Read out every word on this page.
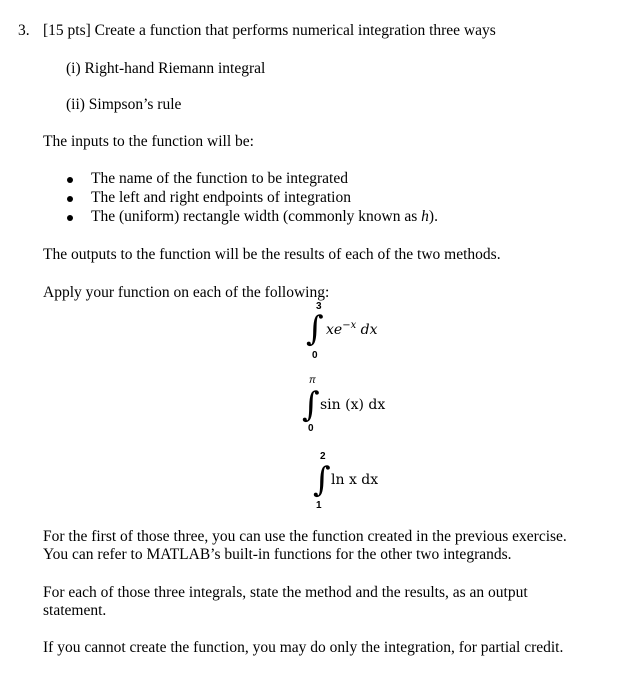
3. [15 pts] Create a function that performs numerical integration three ways
(i) Right-hand Riemann integral
(ii) Simpson’s rule
The inputs to the function will be:
The name of the function to be integrated
The left and right endpoints of integration
The (uniform) rectangle width (commonly known as h).
The outputs to the function will be the results of each of the two methods.
Apply your function on each of the following:
3
∫
0
$xe^{-x}$ dx
π
∫
0
sin (x) dx
2
∫
1
ln x dx
For the first of those three, you can use the function created in the previous exercise.
You can refer to MATLAB’s built-in functions for the other two integrands.
For each of those three integrals, state the method and the results, as an output
statement.
If you cannot create the function, you may do only the integration, for partial credit.
